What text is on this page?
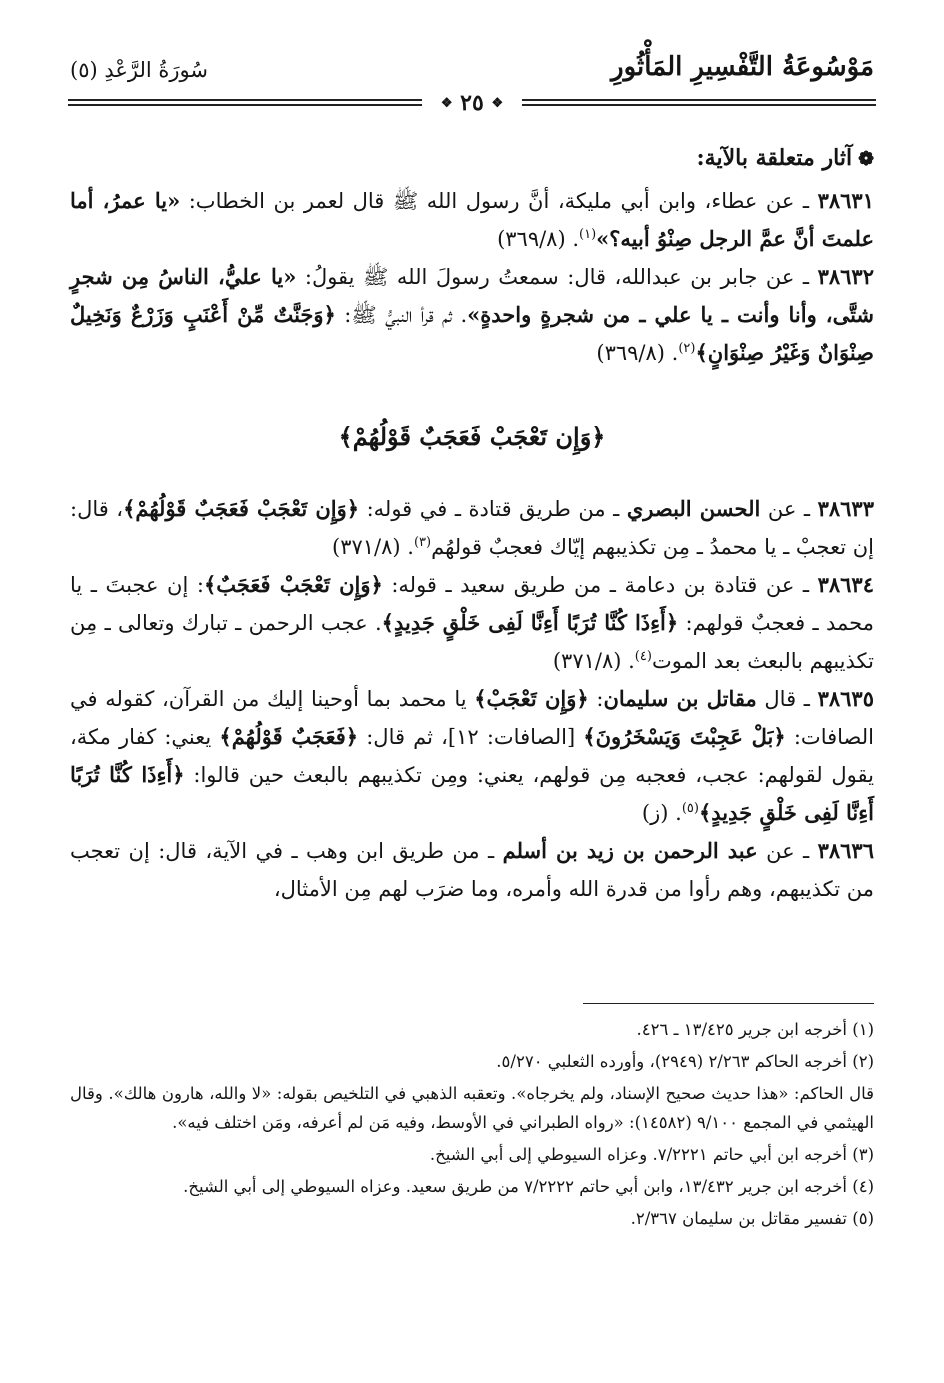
مَوْسُوعَةُ التَّفْسِيرِ المَأْثُورِ
سُورَةُ الرَّعْدِ (٥)
❖ ٢٥ ❖
❁آثار متعلقة بالآية:

٣٨٦٣١ ـ عن عطاء، وابن أبي مليكة، أنَّ رسول الله ﷺ قال لعمر بن الخطاب: «يا عمرُ، أما علمتَ أنَّ عمَّ الرجل صِنْوُ أبيه؟»$^{(١)}$. (٣٦٩/٨)

٣٨٦٣٢ ـ عن جابر بن عبدالله، قال: سمعتُ رسولَ الله ﷺ يقولُ: «يا عليُّ، الناسُ مِن شجرٍ شتَّى، وأنا وأنت ـ يا علي ـ من شجرةٍ واحدةٍ». ثم قرأ النبيُّ ﷺ: ﴿وَجَنَّتٌ مِّنْ أَعْنَبٍ وَزَرْعٌ وَنَخِيلٌ صِنْوَانٌ وَغَيْرُ صِنْوَانٍ﴾$^{(٢)}$. (٣٦٩/٨)

﴿وَإِن تَعْجَبْ فَعَجَبٌ قَوْلُهُمْ﴾

٣٨٦٣٣ ـ عن الحسن البصري ـ من طريق قتادة ـ في قوله: ﴿وَإِن تَعْجَبْ فَعَجَبٌ قَوْلُهُمْ﴾، قال: إن تعجبْ ـ يا محمدُ ـ مِن تكذيبهم إيّاك فعجبٌ قولهُم$^{(٣)}$. (٣٧١/٨)

٣٨٦٣٤ ـ عن قتادة بن دعامة ـ من طريق سعيد ـ قوله: ﴿وَإِن تَعْجَبْ فَعَجَبٌ﴾: إن عجبتَ ـ يا محمد ـ فعجبٌ قولهم: ﴿أَءِذَا كُنَّا تُرَبًا أَءِنَّا لَفِى خَلْقٍ جَدِيدٍ﴾. عجب الرحمن ـ تبارك وتعالى ـ مِن تكذيبهم بالبعث بعد الموت$^{(٤)}$. (٣٧١/٨)

٣٨٦٣٥ ـ قال مقاتل بن سليمان: ﴿وَإِن تَعْجَبْ﴾ يا محمد بما أوحينا إليك من القرآن، كقوله في الصافات: ﴿بَلْ عَجِبْتَ وَيَسْخَرُونَ﴾ [الصافات: ١٢]، ثم قال: ﴿فَعَجَبٌ قَوْلُهُمْ﴾ يعني: كفار مكة، يقول لقولهم: عجب، فعجبه مِن قولهم، يعني: ومِن تكذيبهم بالبعث حين قالوا: ﴿أَءِذَا كُنَّا تُرَبًا أَءِنَّا لَفِى خَلْقٍ جَدِيدٍ﴾$^{(٥)}$. (ز)

٣٨٦٣٦ ـ عن عبد الرحمن بن زيد بن أسلم ـ من طريق ابن وهب ـ في الآية، قال: إن تعجب من تكذيبهم، وهم رأوا من قدرة الله وأمره، وما ضرَب لهم مِن الأمثال،

(١) أخرجه ابن جرير ١٣/٤٢٥ ـ ٤٢٦.

(٢) أخرجه الحاكم ٢/٢٦٣ (٢٩٤٩)، وأورده الثعلبي ٥/٢٧٠.

قال الحاكم: «هذا حديث صحيح الإسناد، ولم يخرجاه». وتعقبه الذهبي في التلخيص بقوله: «لا والله، هارون هالك». وقال الهيثمي في المجمع ٩/١٠٠ (١٤٥٨٢): «رواه الطبراني في الأوسط، وفيه مَن لم أعرفه، ومَن اختلف فيه».

(٣) أخرجه ابن أبي حاتم ٧/٢٢٢١. وعزاه السيوطي إلى أبي الشيخ.

(٤) أخرجه ابن جرير ١٣/٤٣٢، وابن أبي حاتم ٧/٢٢٢٢ من طريق سعيد. وعزاه السيوطي إلى أبي الشيخ.

(٥) تفسير مقاتل بن سليمان ٢/٣٦٧.
